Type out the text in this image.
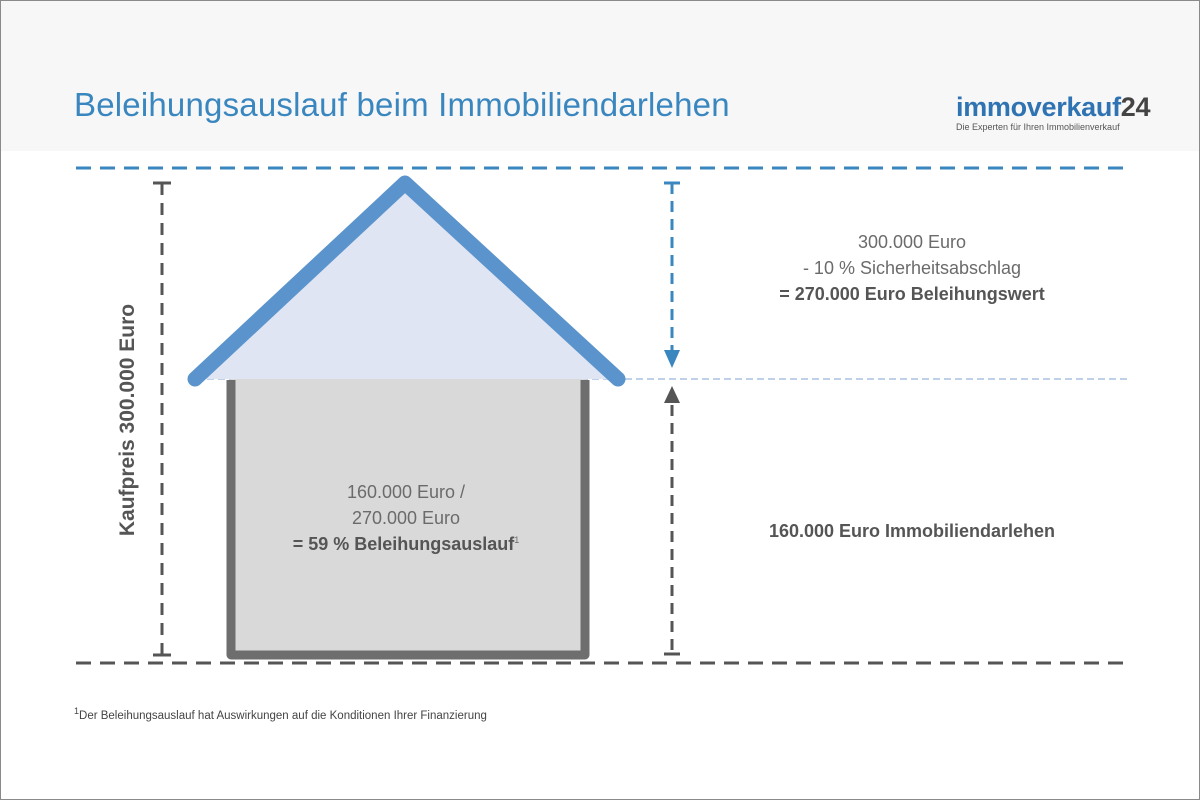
Beleihungsauslauf beim Immobiliendarlehen	immoverkauf24
Die Experten für Ihren Immobilienverkauf
Kaufpreis 300.000 Euro	160.000 Euro /
270.000 Euro
= 59 % Beleihungsauslauf$^1$
300.000 Euro
- 10 % Sicherheitsabschlag
= 270.000 Euro Beleihungswert
160.000 Euro Immobiliendarlehen
$^1$Der Beleihungsauslauf hat Auswirkungen auf die Konditionen Ihrer Finanzierung
